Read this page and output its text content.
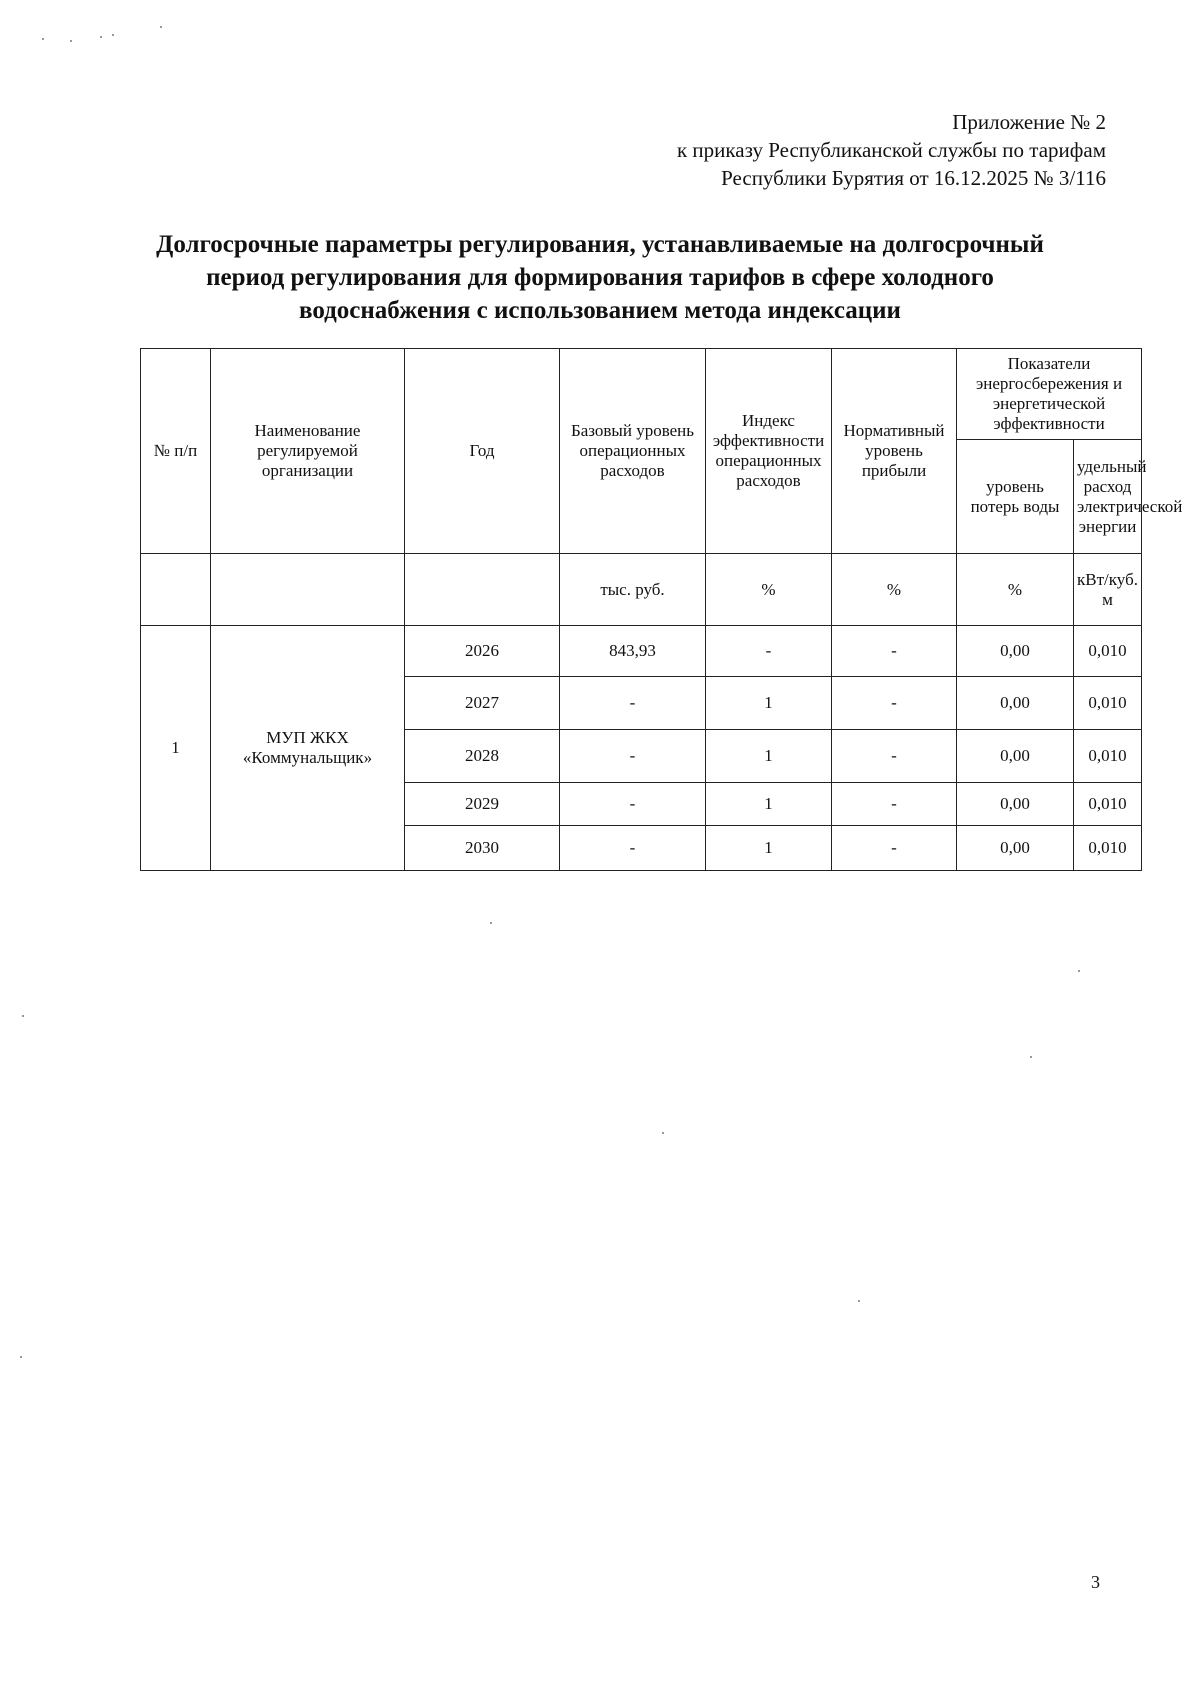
Приложение № 2
к приказу Республиканской службы по тарифам
Республики Бурятия от 16.12.2025 № 3/116
Долгосрочные параметры регулирования, устанавливаемые на долгосрочный
период регулирования для формирования тарифов в сфере холодного
водоснабжения с использованием метода индексации
№ п/п	Наименование регулируемой организации	Год	Базовый уровень операционных расходов	Индекс эффективности операционных расходов	Нормативный уровень прибыли	Показатели энергосбережения и энергетической эффективности	
						уровень потерь воды	удельный расход электрической энергии
			тыс. руб.	%	%	%	кВт/куб. м
1	МУП ЖКХ «Коммунальщик»	2026	843,93	-	-	0,00	0,010
		2027	-	1	-	0,00	0,010
		2028	-	1	-	0,00	0,010
		2029	-	1	-	0,00	0,010
		2030	-	1	-	0,00	0,010
3
